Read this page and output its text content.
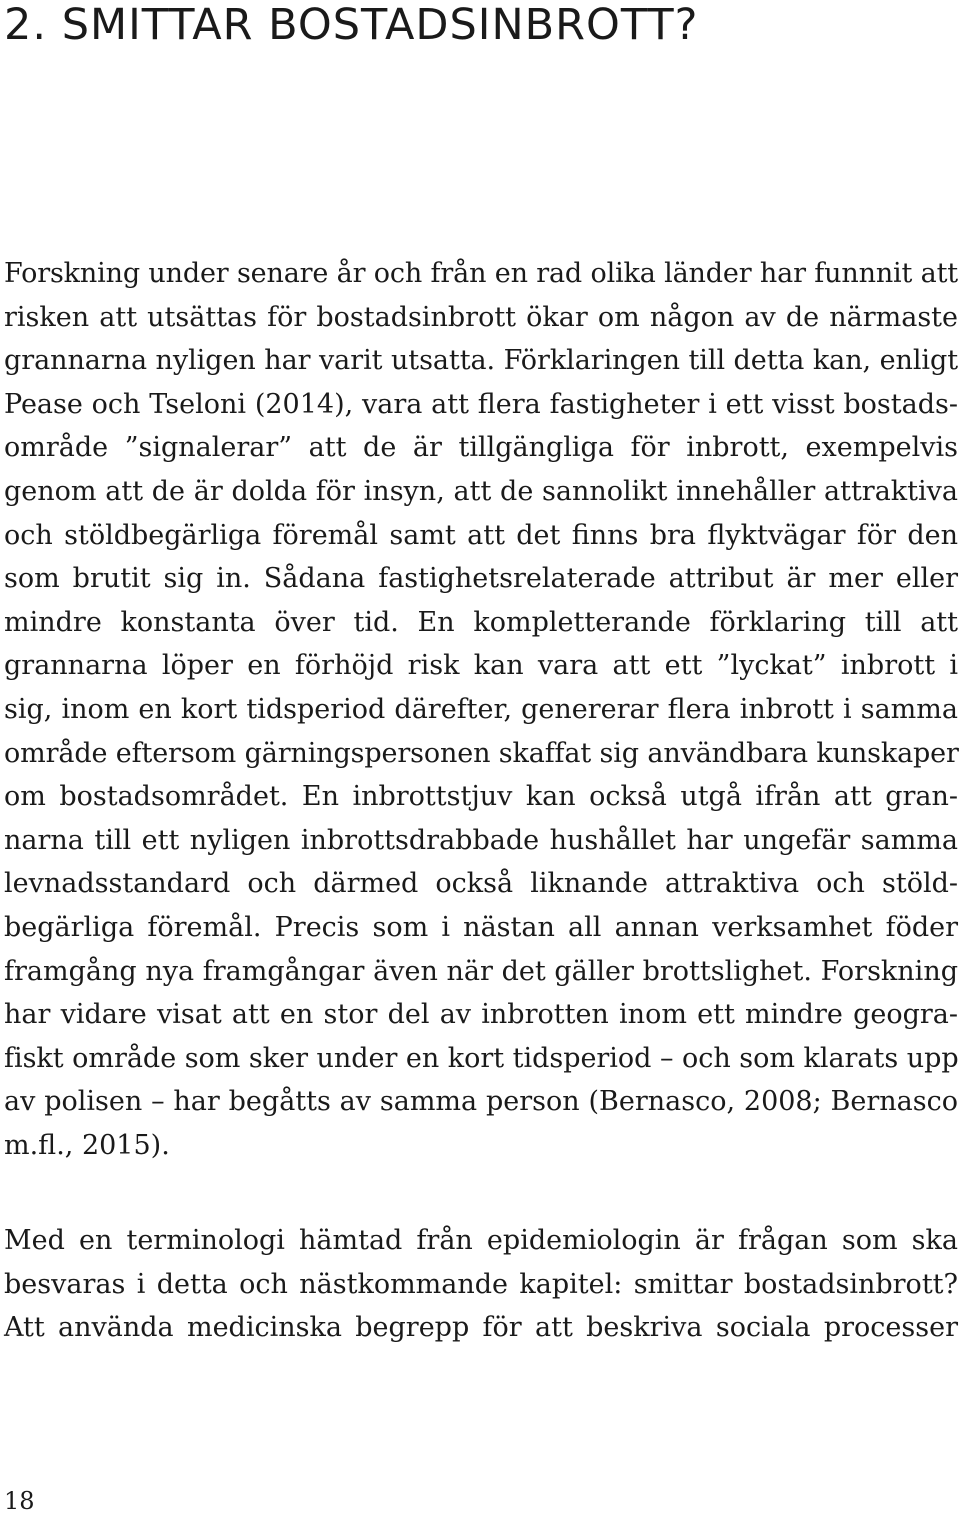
2. SMITTAR BOSTADSINBROTT?
Forskning under senare år och från en rad olika länder har funnnit att
risken att utsättas för bostadsinbrott ökar om någon av de närmaste
grannarna nyligen har varit utsatta. Förklaringen till detta kan, enligt
Pease och Tseloni (2014), vara att flera fastigheter i ett visst bostads-
område ”signalerar” att de är tillgängliga för inbrott, exempelvis
genom att de är dolda för insyn, att de sannolikt innehåller attraktiva
och stöldbegärliga föremål samt att det finns bra flyktvägar för den
som brutit sig in. Sådana fastighetsrelaterade attribut är mer eller
mindre konstanta över tid. En kompletterande förklaring till att
grannarna löper en förhöjd risk kan vara att ett ”lyckat” inbrott i
sig, inom en kort tidsperiod därefter, genererar flera inbrott i samma
område eftersom gärningspersonen skaffat sig användbara kunskaper
om bostadsområdet. En inbrottstjuv kan också utgå ifrån att gran-
narna till ett nyligen inbrottsdrabbade hushållet har ungefär samma
levnadsstandard och därmed också liknande attraktiva och stöld-
begärliga föremål. Precis som i nästan all annan verksamhet föder
framgång nya framgångar även när det gäller brottslighet. Forskning
har vidare visat att en stor del av inbrotten inom ett mindre geogra-
fiskt område som sker under en kort tidsperiod – och som klarats upp
av polisen – har begåtts av samma person (Bernasco, 2008; Bernasco
m.fl., 2015).
Med en terminologi hämtad från epidemiologin är frågan som ska
besvaras i detta och nästkommande kapitel: smittar bostadsinbrott?
Att använda medicinska begrepp för att beskriva sociala processer
18
